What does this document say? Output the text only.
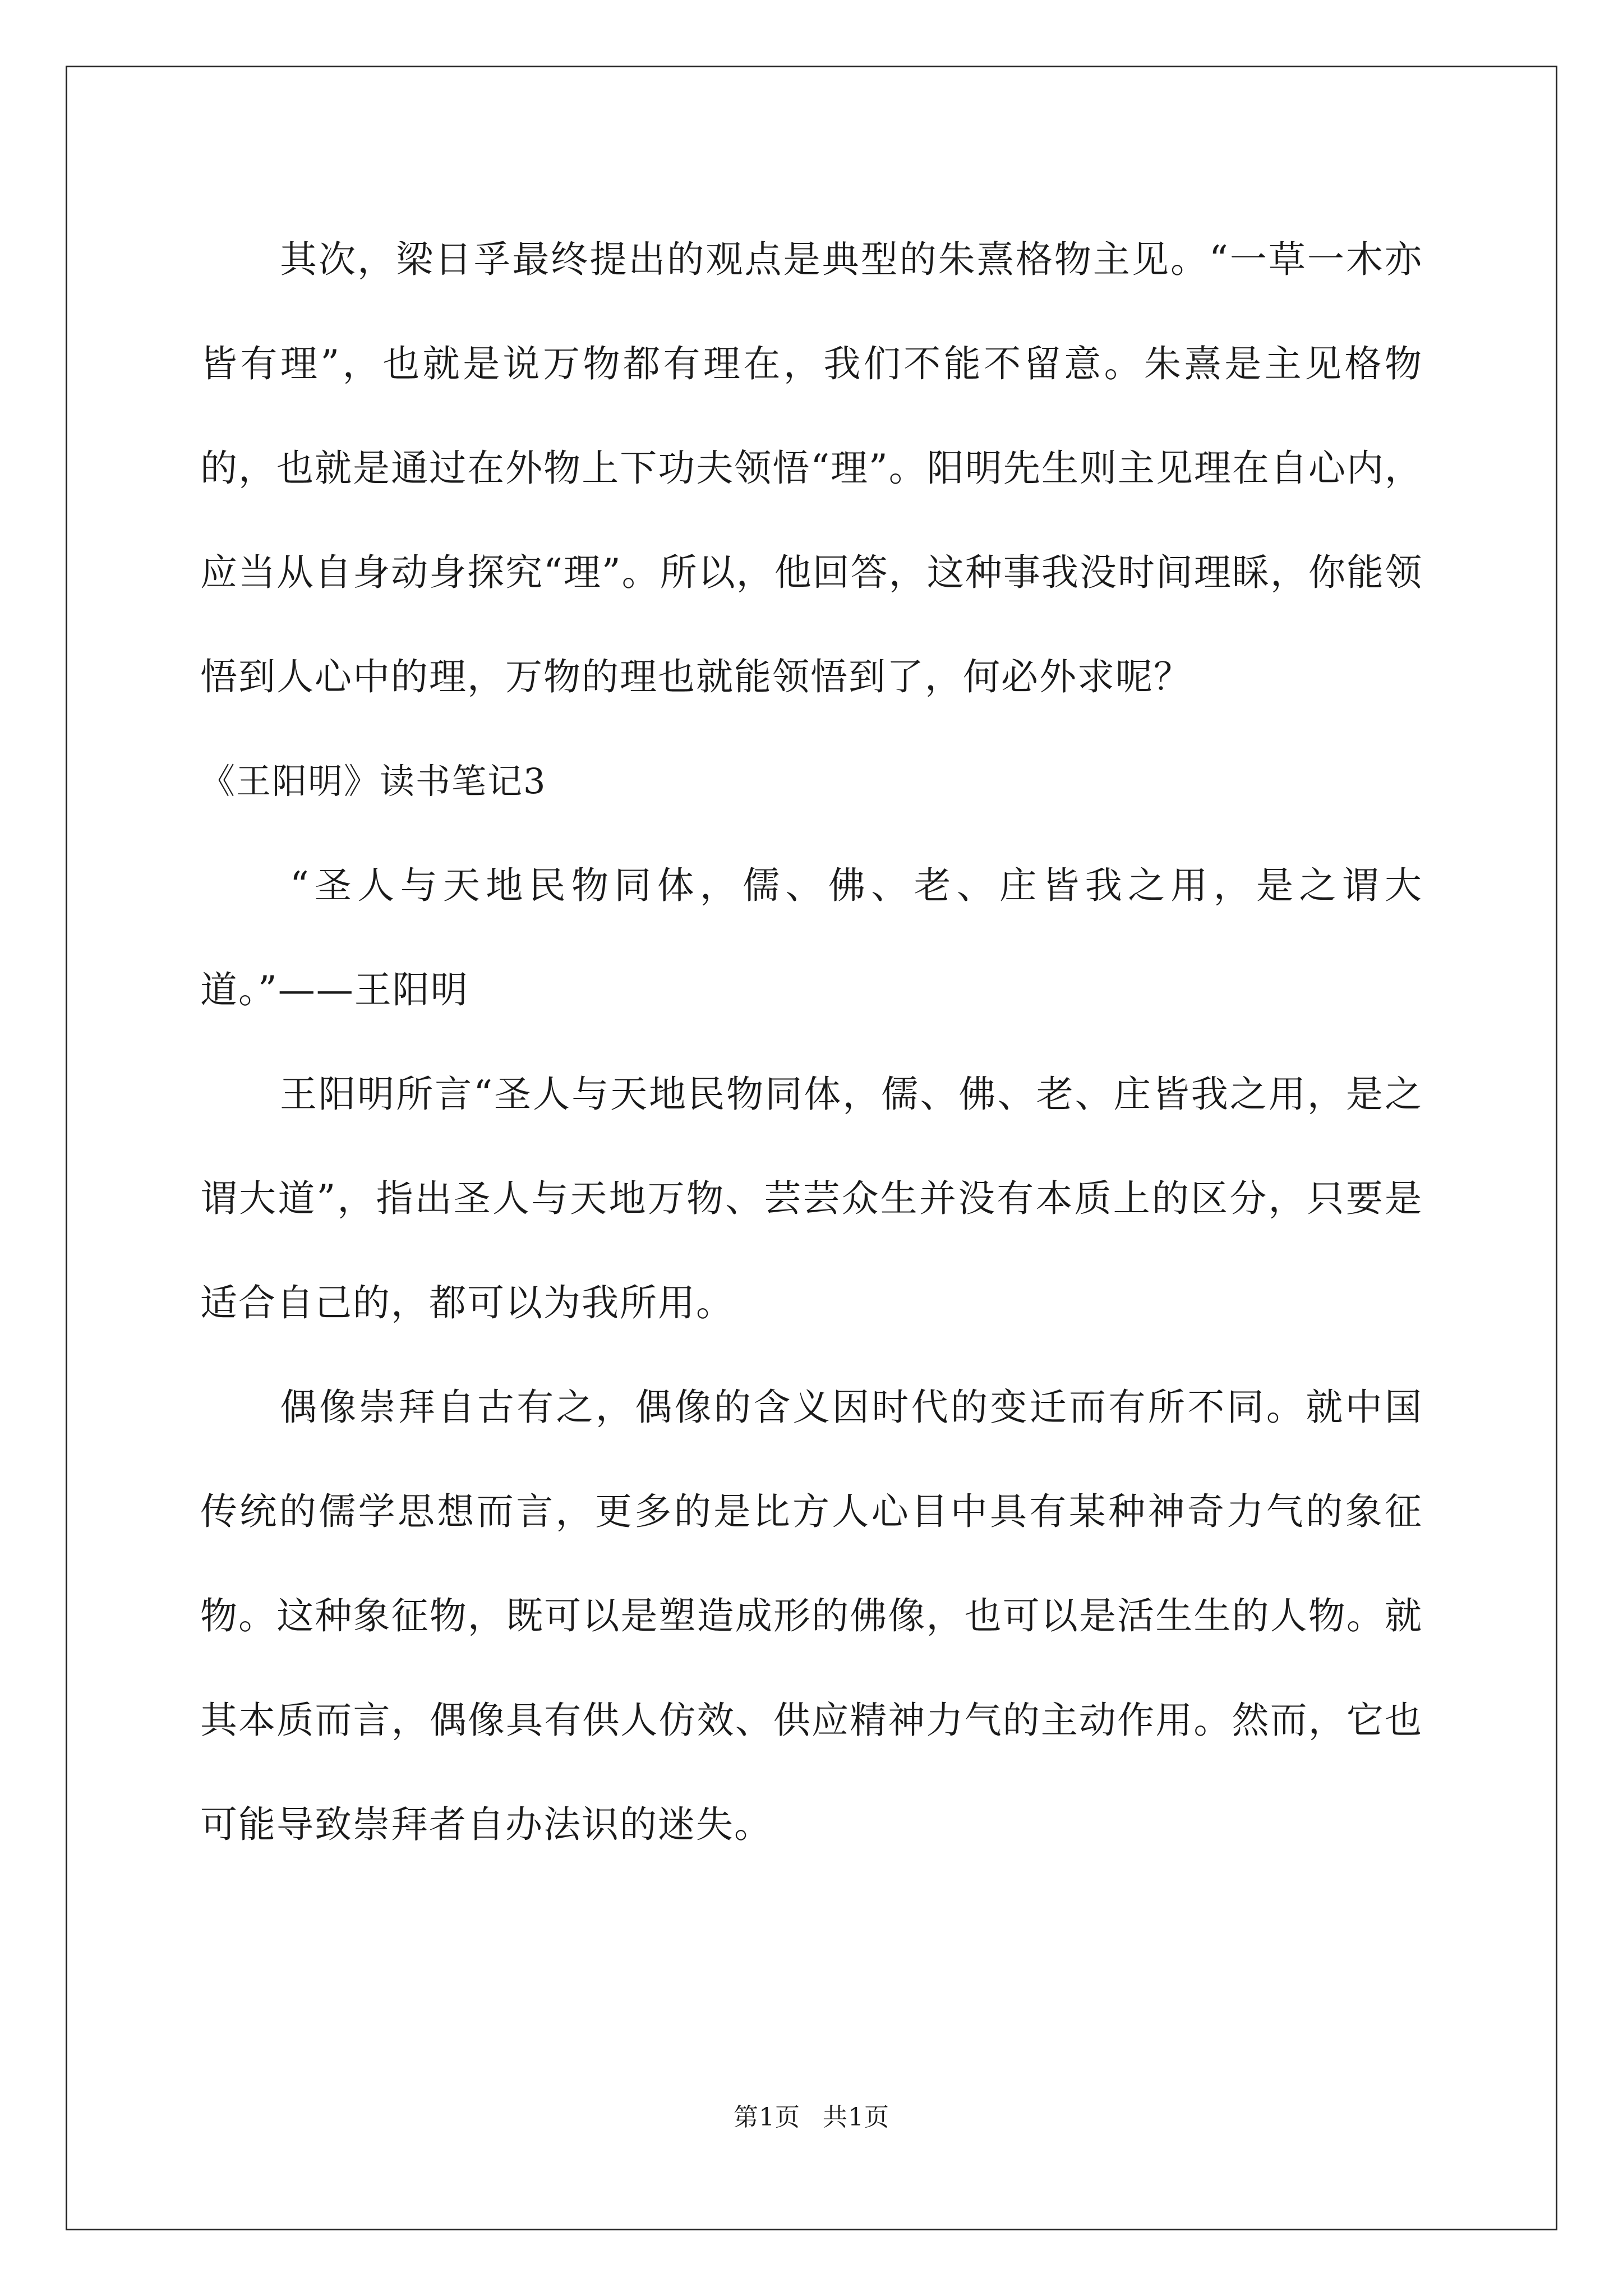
其次，梁日孚最终提出的观点是典型的朱熹格物主见。“一草一木亦皆有理”，也就是说万物都有理在，我们不能不留意。朱熹是主见格物的，也就是通过在外物上下功夫领悟“理”。阳明先生则主见理在自心内，应当从自身动身探究“理”。所以，他回答，这种事我没时间理睬，你能领悟到人心中的理，万物的理也就能领悟到了，何必外求呢？

《王阳明》读书笔记3

“圣人与天地民物同体，儒、佛、老、庄皆我之用，是之谓大道。”——王阳明

王阳明所言“圣人与天地民物同体，儒、佛、老、庄皆我之用，是之谓大道”，指出圣人与天地万物、芸芸众生并没有本质上的区分，只要是适合自己的，都可以为我所用。

偶像崇拜自古有之，偶像的含义因时代的变迁而有所不同。就中国传统的儒学思想而言，更多的是比方人心目中具有某种神奇力气的象征物。这种象征物，既可以是塑造成形的佛像，也可以是活生生的人物。就其本质而言，偶像具有供人仿效、供应精神力气的主动作用。然而，它也可能导致崇拜者自办法识的迷失。

第1页 共1页
